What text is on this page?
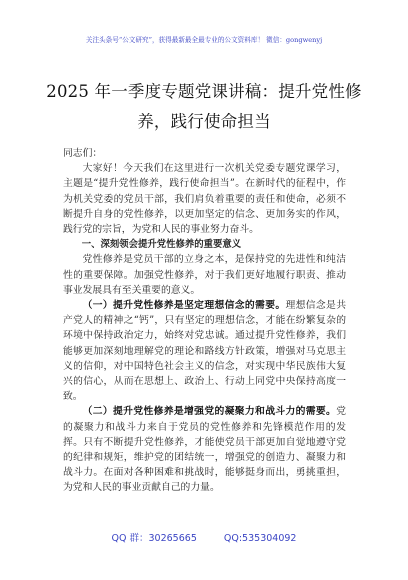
关注头条号“公文研究”，获得最新最全最专业的公文资料库！ 微信：gongwenyj
2025 年一季度专题党课讲稿：提升党性修
养，践行使命担当

同志们：

大家好！今天我们在这里进行一次机关党委专题党课学习，主题是“提升党性修养，践行使命担当”。在新时代的征程中，作为机关党委的党员干部，我们肩负着重要的责任和使命，必须不断提升自身的党性修养，以更加坚定的信念、更加务实的作风，践行党的宗旨，为党和人民的事业努力奋斗。

一、深刻领会提升党性修养的重要意义

党性修养是党员干部的立身之本，是保持党的先进性和纯洁性的重要保障。加强党性修养，对于我们更好地履行职责、推动事业发展具有至关重要的意义。

（一）提升党性修养是坚定理想信念的需要。理想信念是共产党人的精神之“钙”，只有坚定的理想信念，才能在纷繁复杂的环境中保持政治定力，始终对党忠诚。通过提升党性修养，我们能够更加深刻地理解党的理论和路线方针政策，增强对马克思主义的信仰，对中国特色社会主义的信念，对实现中华民族伟大复兴的信心，从而在思想上、政治上、行动上同党中央保持高度一致。

（二）提升党性修养是增强党的凝聚力和战斗力的需要。党的凝聚力和战斗力来自于党员的党性修养和先锋模范作用的发挥。只有不断提升党性修养，才能使党员干部更加自觉地遵守党的纪律和规矩，维护党的团结统一，增强党的创造力、凝聚力和战斗力。在面对各种困难和挑战时，能够挺身而出，勇挑重担，为党和人民的事业贡献自己的力量。

QQ 群：30265665	QQ:535304092
